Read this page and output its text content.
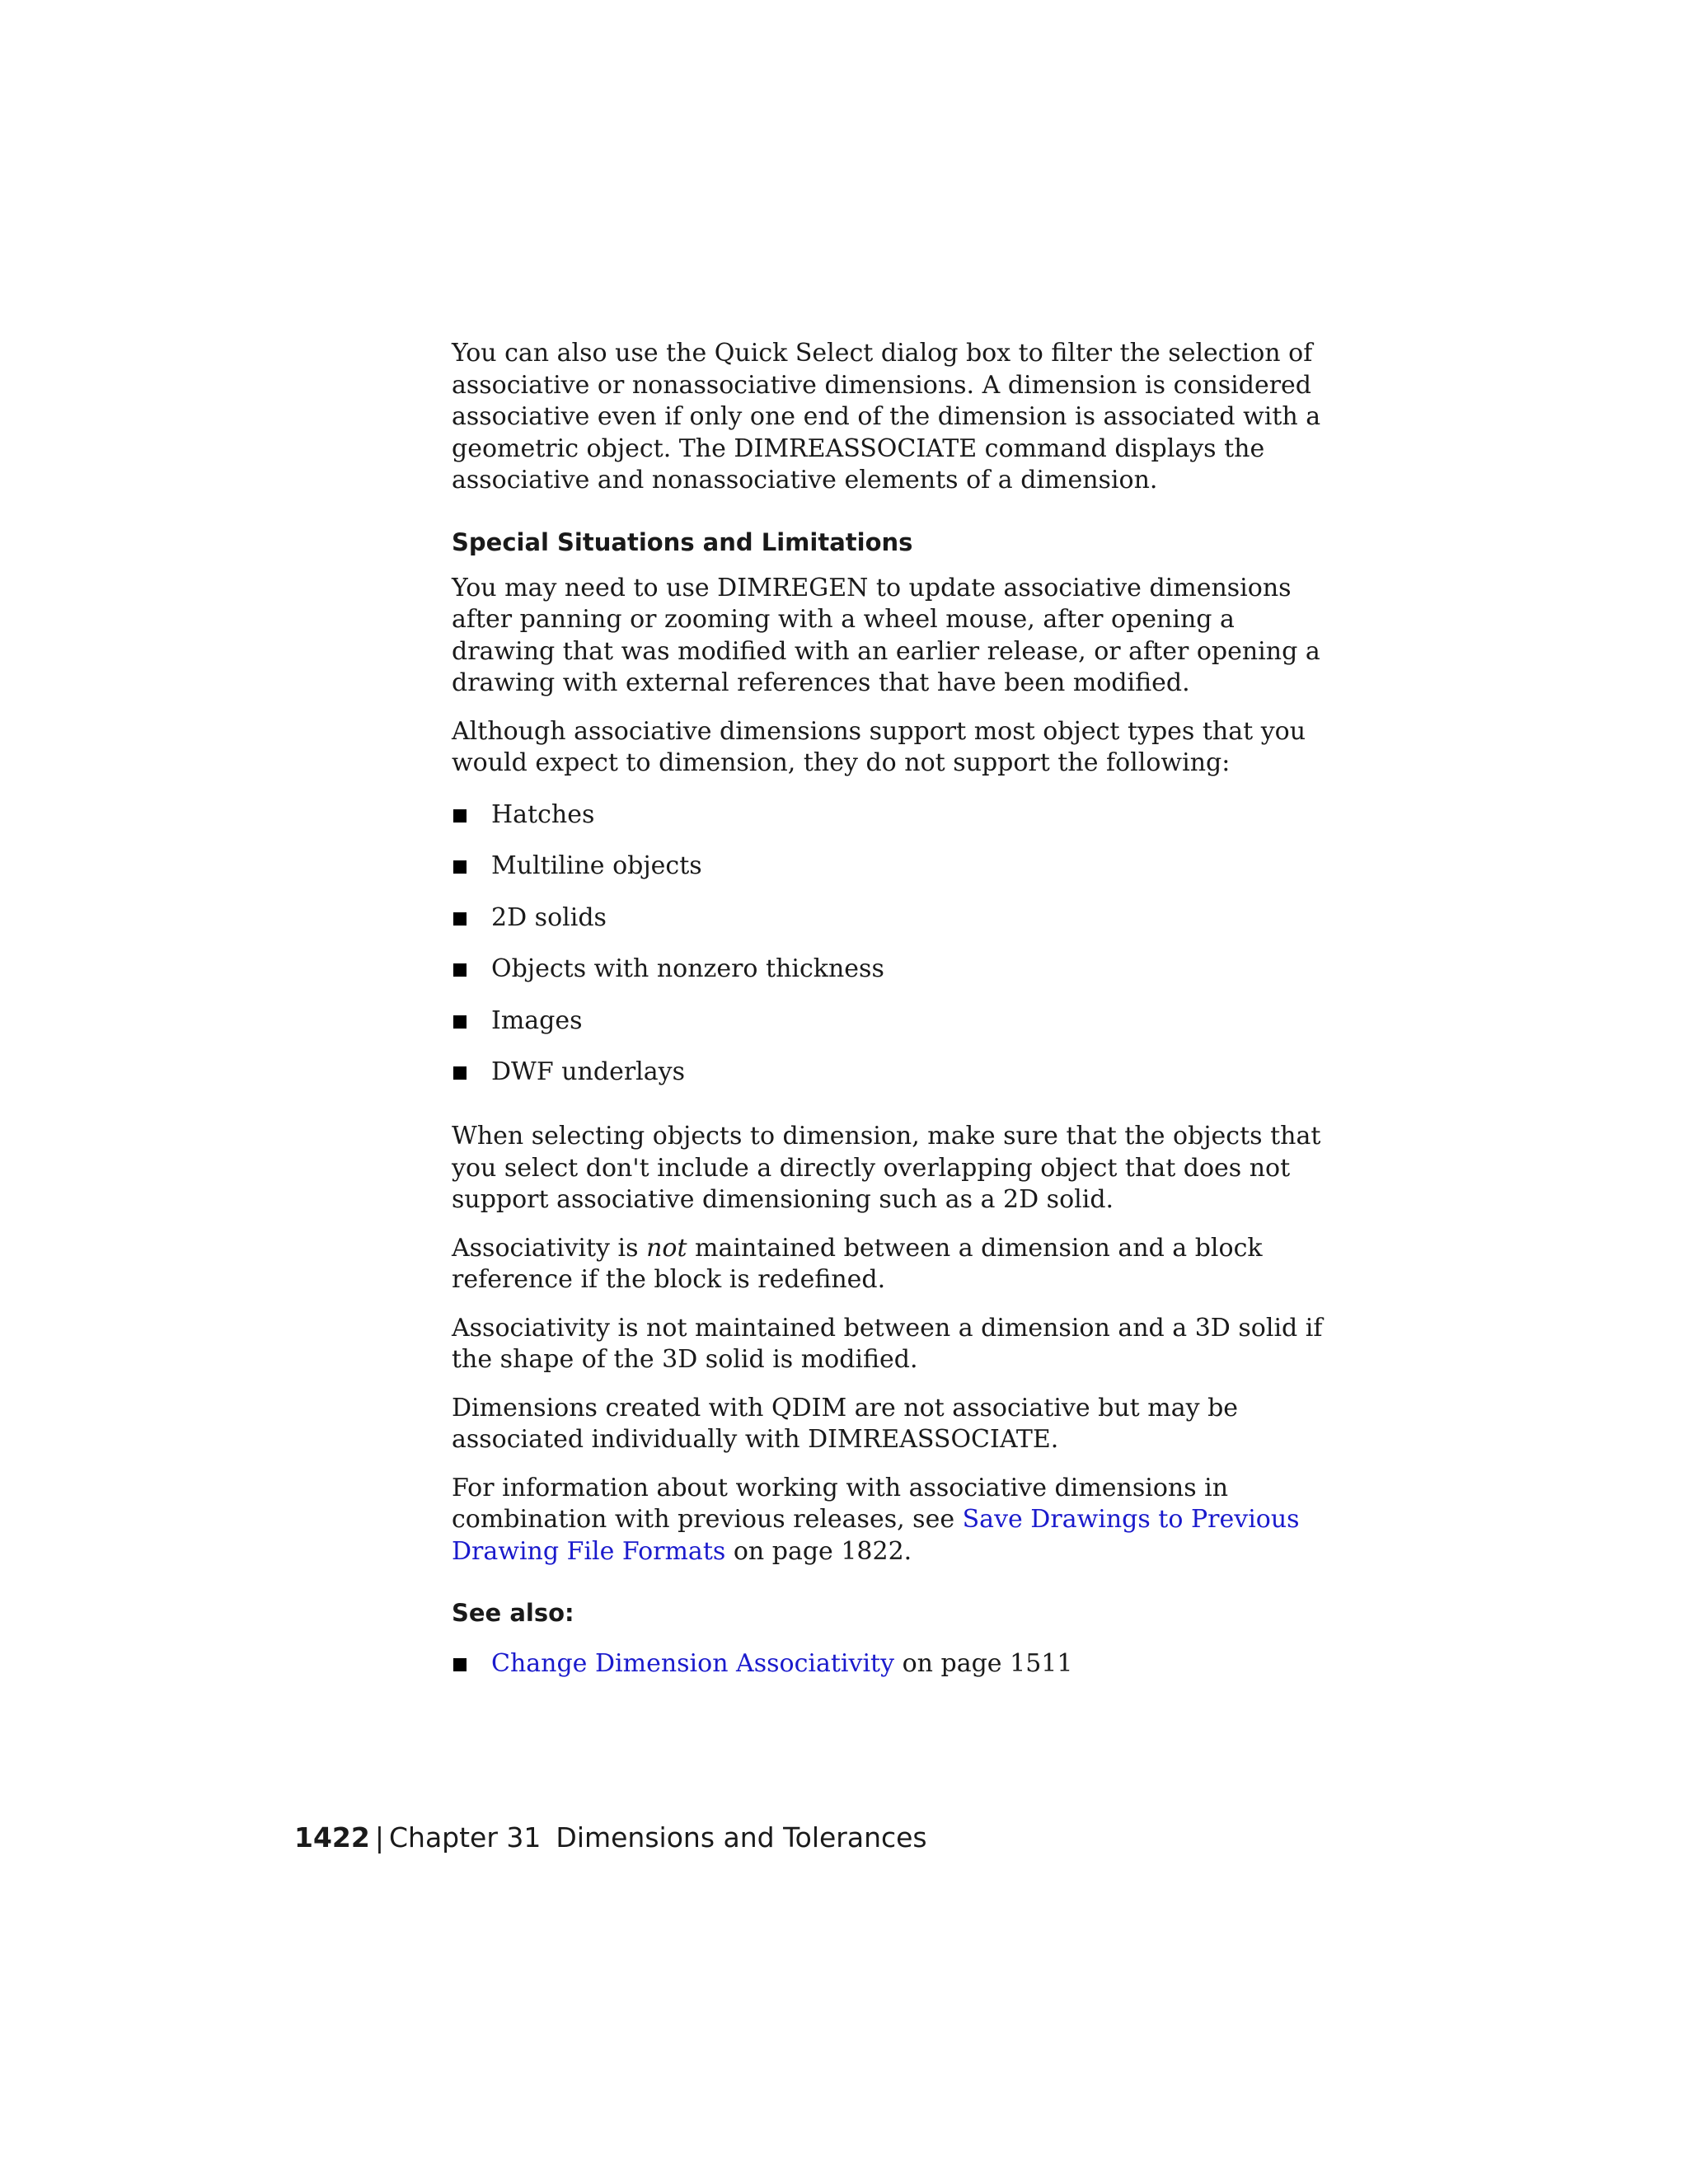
You can also use the Quick Select dialog box to filter the selection of associative or nonassociative dimensions. A dimension is considered associative even if only one end of the dimension is associated with a geometric object. The DIMREASSOCIATE command displays the associative and nonassociative elements of a dimension.

Special Situations and Limitations

You may need to use DIMREGEN to update associative dimensions after panning or zooming with a wheel mouse, after opening a drawing that was modified with an earlier release, or after opening a drawing with external references that have been modified.

Although associative dimensions support most object types that you would expect to dimension, they do not support the following:

Hatches
Multiline objects
2D solids
Objects with nonzero thickness
Images
DWF underlays

When selecting objects to dimension, make sure that the objects that you select don't include a directly overlapping object that does not support associative dimensioning such as a 2D solid.

Associativity is not maintained between a dimension and a block reference if the block is redefined.

Associativity is not maintained between a dimension and a 3D solid if the shape of the 3D solid is modified.

Dimensions created with QDIM are not associative but may be associated individually with DIMREASSOCIATE.

For information about working with associative dimensions in combination with previous releases, see Save Drawings to Previous Drawing File Formats on page 1822.

See also:
Change Dimension Associativity on page 1511
1422 | Chapter 31 Dimensions and Tolerances
